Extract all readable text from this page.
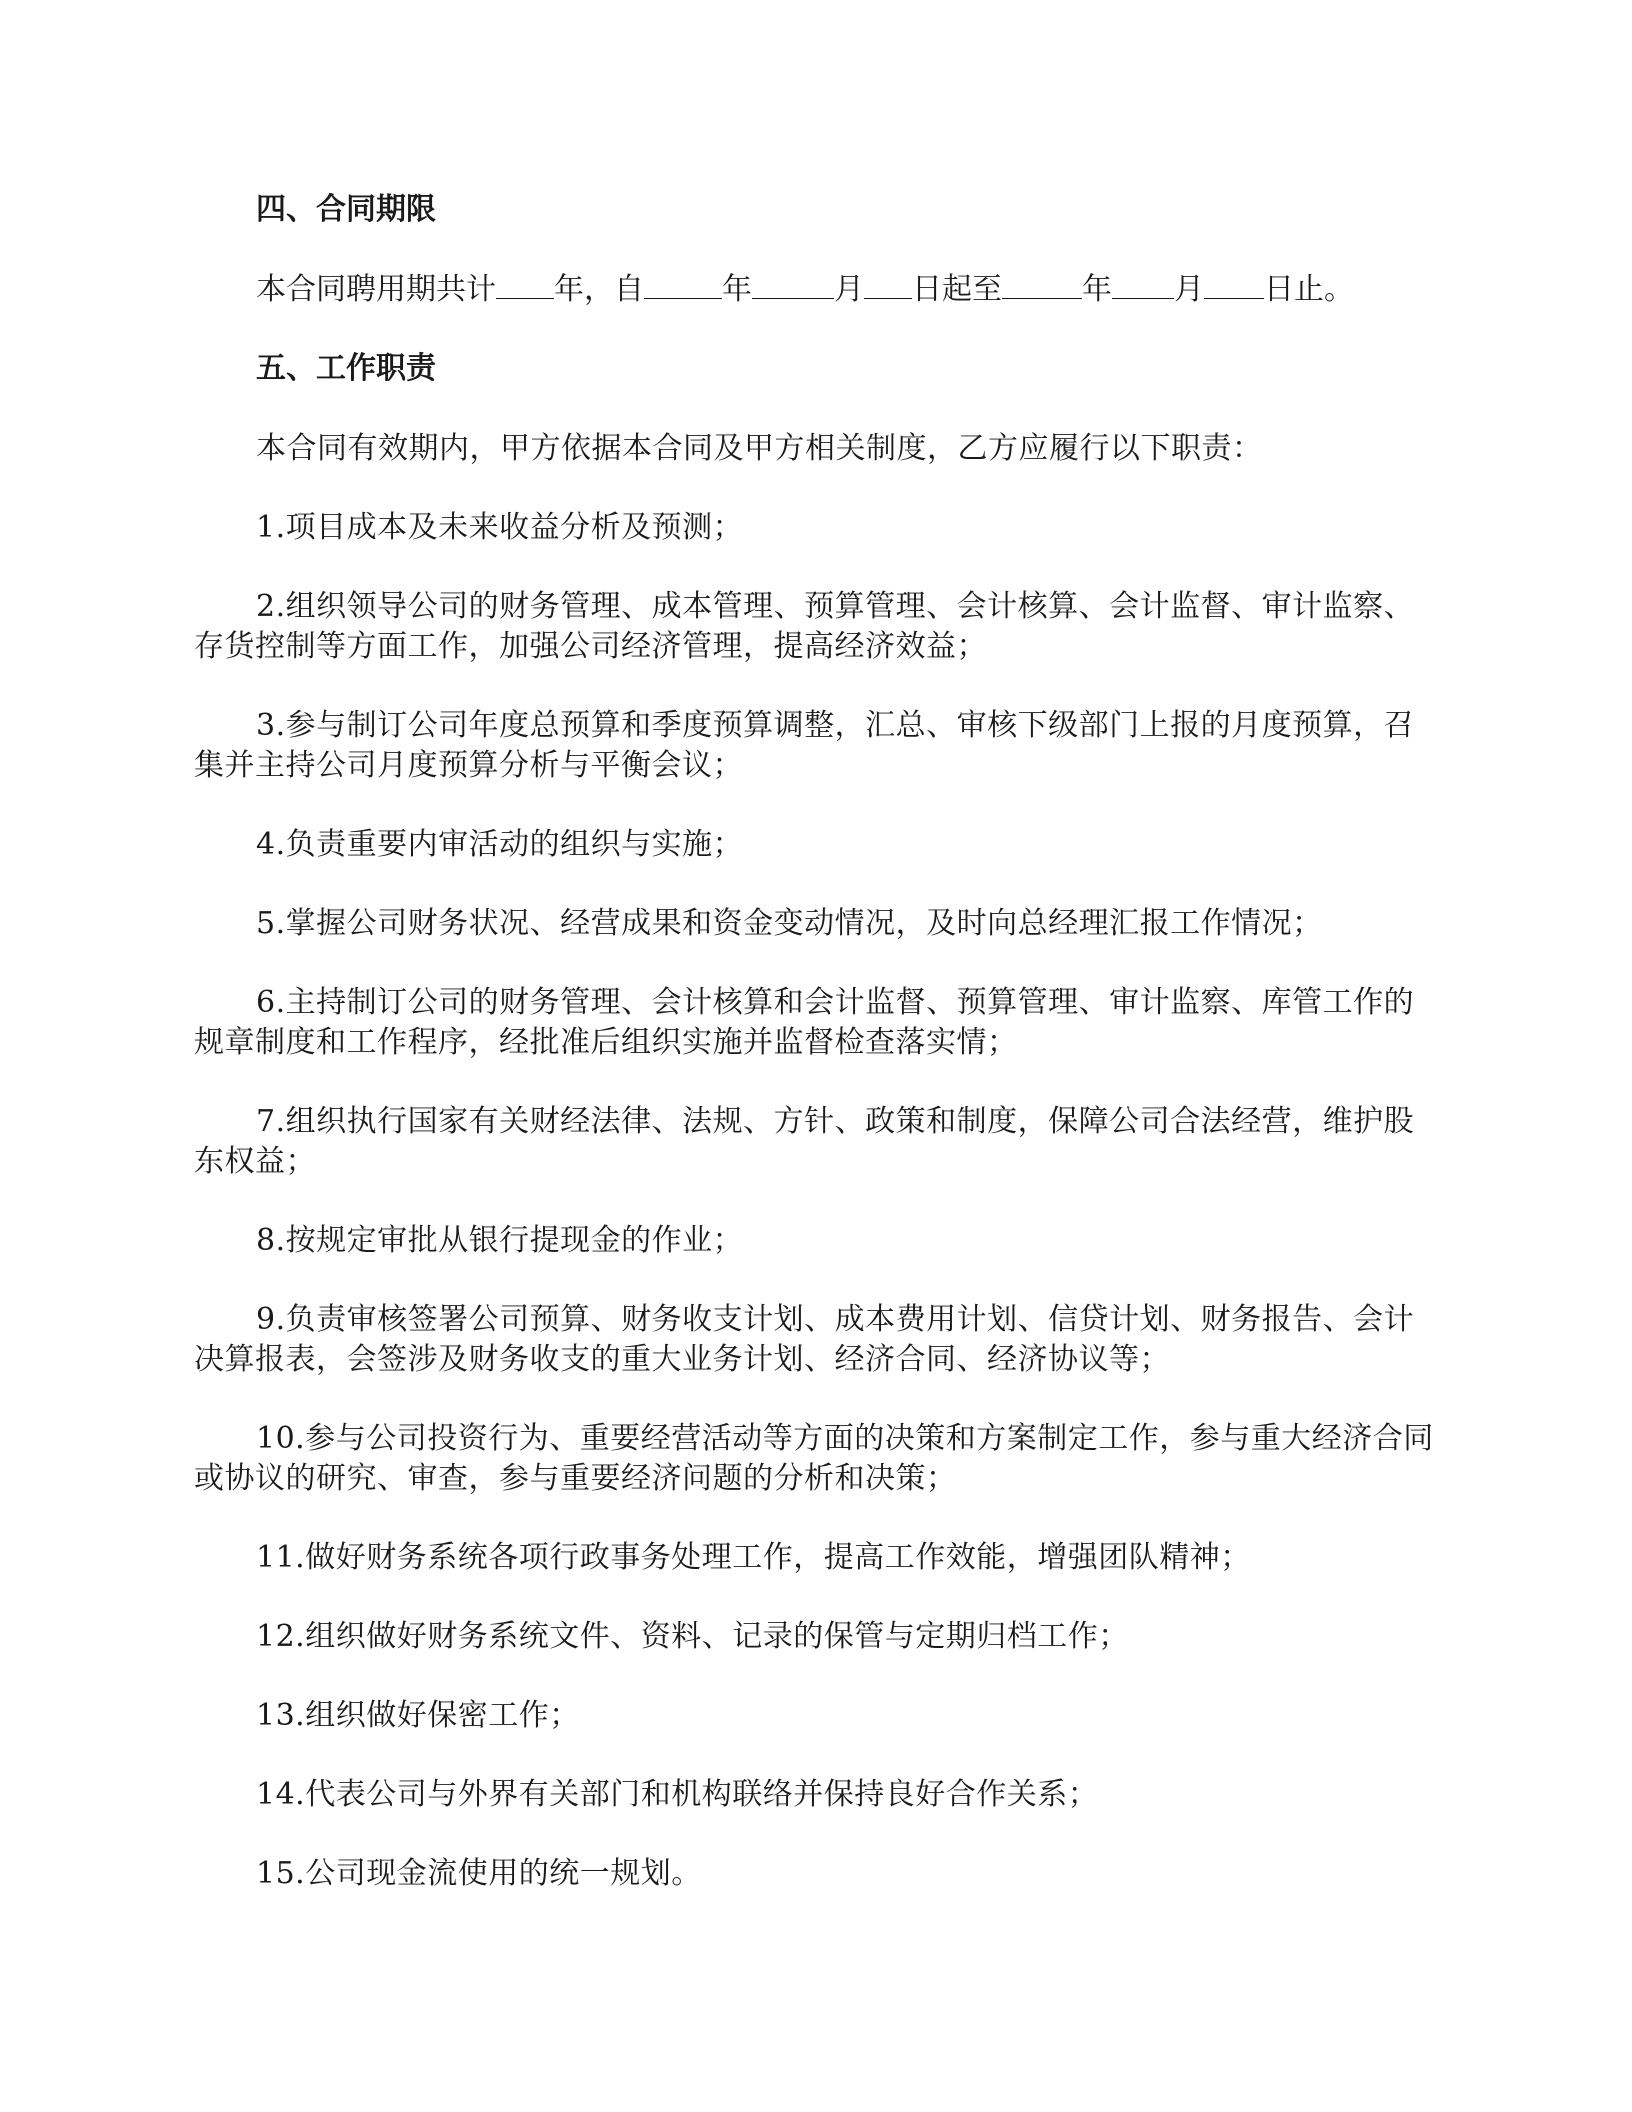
四、合同期限
本合同聘用期共计 年，自	年	月 日起至	年 月 日止。
五、工作职责

本合同有效期内，甲方依据本合同及甲方相关制度，乙方应履行以下职责：

1.项目成本及未来收益分析及预测；

2.组织领导公司的财务管理、成本管理、预算管理、会计核算、会计监督、审计监察、存货控制等方面工作，加强公司经济管理，提高经济效益；

3.参与制订公司年度总预算和季度预算调整，汇总、审核下级部门上报的月度预算，召集并主持公司月度预算分析与平衡会议；

4.负责重要内审活动的组织与实施；

5.掌握公司财务状况、经营成果和资金变动情况，及时向总经理汇报工作情况；

6.主持制订公司的财务管理、会计核算和会计监督、预算管理、审计监察、库管工作的规章制度和工作程序，经批准后组织实施并监督检查落实情；

7.组织执行国家有关财经法律、法规、方针、政策和制度，保障公司合法经营，维护股东权益；

8.按规定审批从银行提现金的作业；

9.负责审核签署公司预算、财务收支计划、成本费用计划、信贷计划、财务报告、会计决算报表，会签涉及财务收支的重大业务计划、经济合同、经济协议等；

10.参与公司投资行为、重要经营活动等方面的决策和方案制定工作，参与重大经济合同或协议的研究、审查，参与重要经济问题的分析和决策；

11.做好财务系统各项行政事务处理工作，提高工作效能，增强团队精神；

12.组织做好财务系统文件、资料、记录的保管与定期归档工作；

13.组织做好保密工作；

14.代表公司与外界有关部门和机构联络并保持良好合作关系；

15.公司现金流使用的统一规划。
